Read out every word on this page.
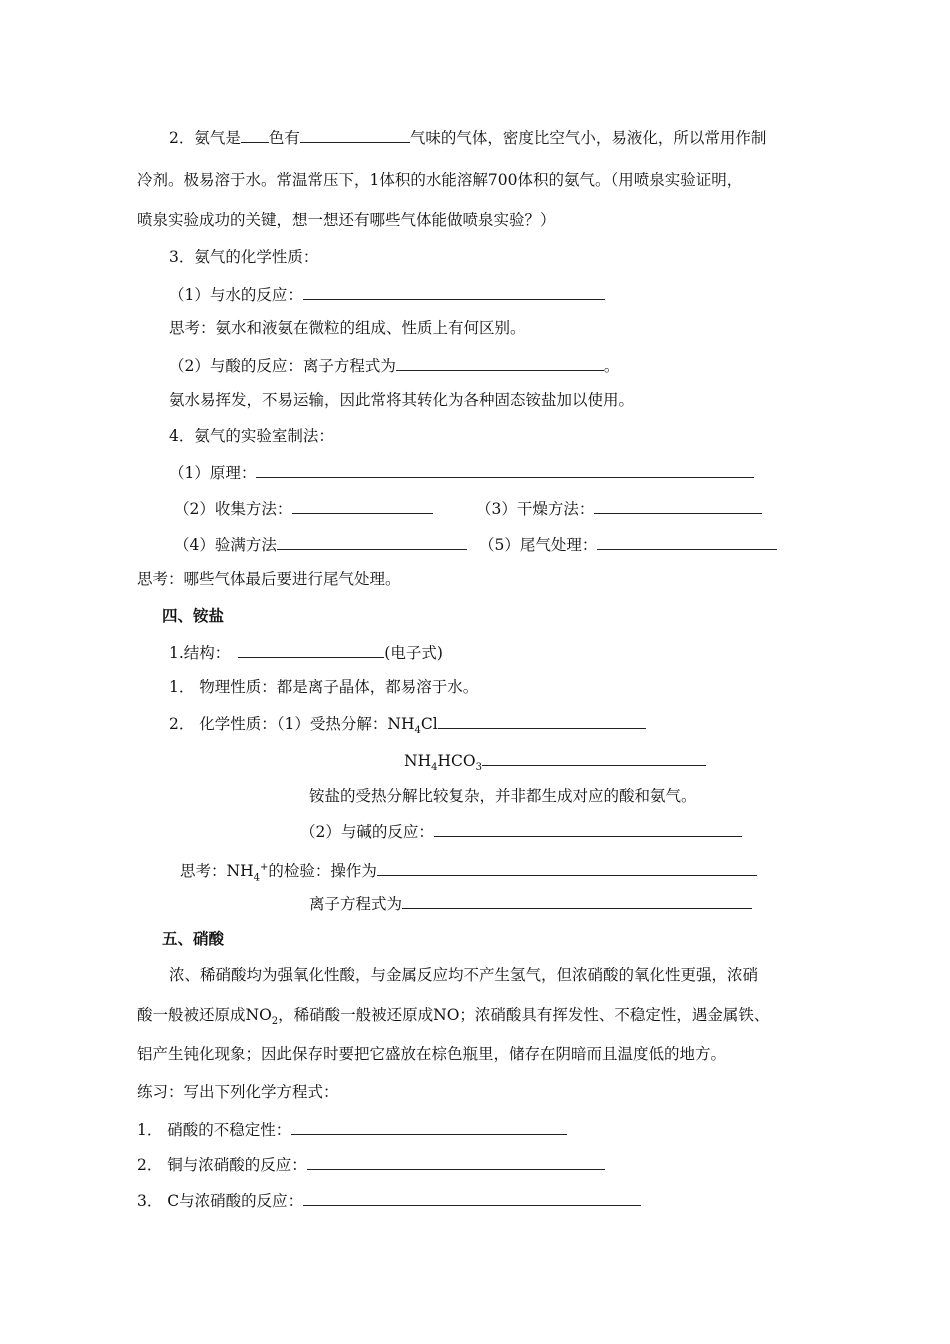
2．氨气是 色有	气味的气体，密度比空气小，易液化，所以常用作制
冷剂。极易溶于水。常温常压下，1体积的水能溶解700体积的氨气。（用喷泉实验证明，
喷泉实验成功的关键，想一想还有哪些气体能做喷泉实验？）
3．氨气的化学性质：
（1）与水的反应：
思考：氨水和液氨在微粒的组成、性质上有何区别。
（2）与酸的反应：离子方程式为	。
氨水易挥发，不易运输，因此常将其转化为各种固态铵盐加以使用。
4．氨气的实验室制法：
（1）原理：
（2）收集方法：	（3）干燥方法：
（4）验满方法	（5）尾气处理：
思考：哪些气体最后要进行尾气处理。
四、铵盐
1.结构：	(电子式)
1． 物理性质：都是离子晶体，都易溶于水。
2． 化学性质：（1）受热分解：$NH_4Cl$
$NH_4HCO_3$
铵盐的受热分解比较复杂，并非都生成对应的酸和氨气。
（2）与碱的反应：
思考：$NH_4^+$的检验：操作为
离子方程式为
五、硝酸
浓、稀硝酸均为强氧化性酸，与金属反应均不产生氢气，但浓硝酸的氧化性更强，浓硝
酸一般被还原成$NO_2$，稀硝酸一般被还原成NO；浓硝酸具有挥发性、不稳定性，遇金属铁、
铝产生钝化现象；因此保存时要把它盛放在棕色瓶里，储存在阴暗而且温度低的地方。
练习：写出下列化学方程式：
1． 硝酸的不稳定性：
2． 铜与浓硝酸的反应：
3． C与浓硝酸的反应：
